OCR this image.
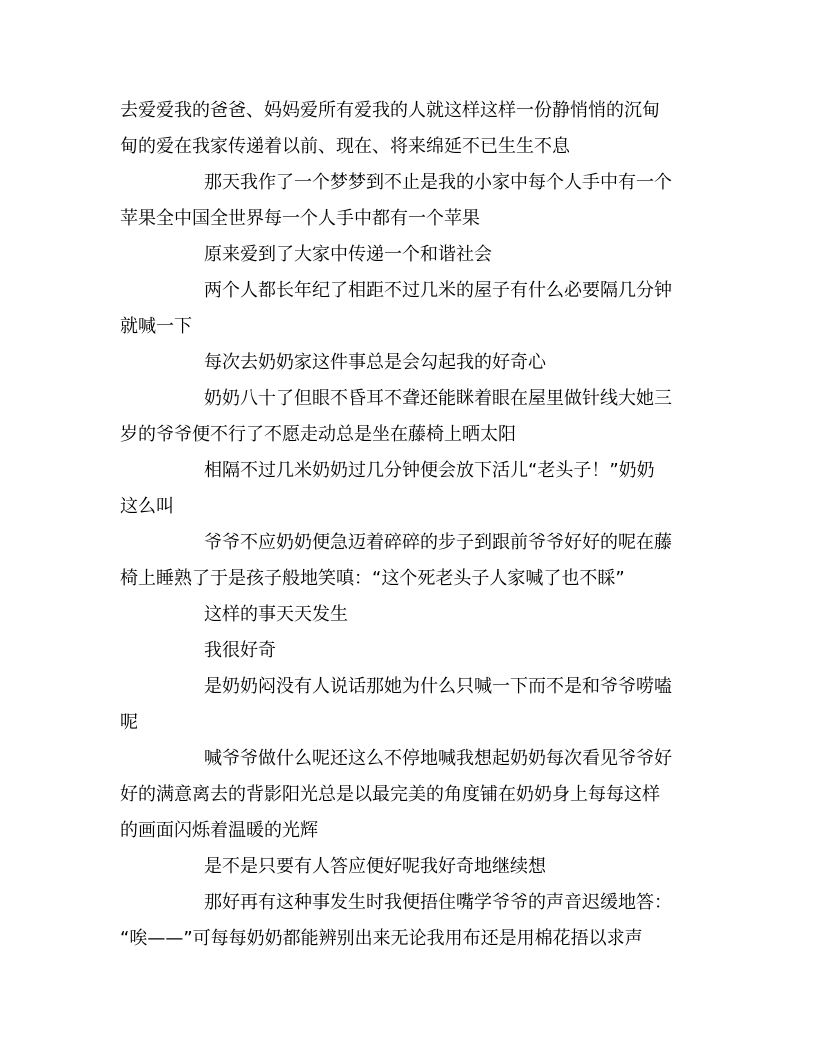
去爱爱我的爸爸、妈妈爱所有爱我的人就这样这样一份静悄悄的沉甸
甸的爱在我家传递着以前、现在、将来绵延不已生生不息
那天我作了一个梦梦到不止是我的小家中每个人手中有一个
苹果全中国全世界每一个人手中都有一个苹果
原来爱到了大家中传递一个和谐社会
两个人都长年纪了相距不过几米的屋子有什么必要隔几分钟
就喊一下
每次去奶奶家这件事总是会勾起我的好奇心
奶奶八十了但眼不昏耳不聋还能眯着眼在屋里做针线大她三
岁的爷爷便不行了不愿走动总是坐在藤椅上晒太阳
相隔不过几米奶奶过几分钟便会放下活儿“老头子！”奶奶
这么叫
爷爷不应奶奶便急迈着碎碎的步子到跟前爷爷好好的呢在藤
椅上睡熟了于是孩子般地笑嗔：“这个死老头子人家喊了也不睬”
这样的事天天发生
我很好奇
是奶奶闷没有人说话那她为什么只喊一下而不是和爷爷唠嗑
呢
喊爷爷做什么呢还这么不停地喊我想起奶奶每次看见爷爷好
好的满意离去的背影阳光总是以最完美的角度铺在奶奶身上每每这样
的画面闪烁着温暖的光辉
是不是只要有人答应便好呢我好奇地继续想
那好再有这种事发生时我便捂住嘴学爷爷的声音迟缓地答：
“唉——”可每每奶奶都能辨别出来无论我用布还是用棉花捂以求声
